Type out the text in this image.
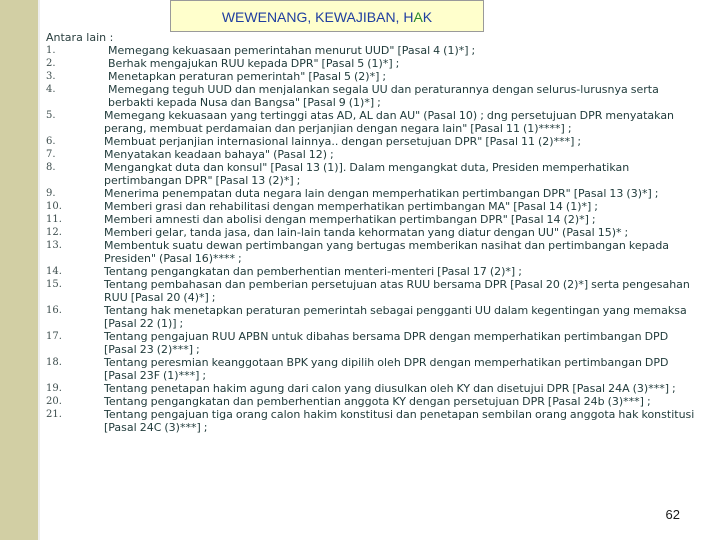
WEWENANG, KEWAJIBAN, HAK
Antara lain :
1.	Memegang kekuasaan pemerintahan menurut UUD" [Pasal 4 (1)*] ;
2.	Berhak mengajukan RUU kepada DPR" [Pasal 5 (1)*] ;
3.	Menetapkan peraturan pemerintah" [Pasal 5 (2)*] ;
4.	Memegang teguh UUD dan menjalankan segala UU dan peraturannya dengan selurus-lurusnya serta berbakti kepada Nusa dan Bangsa" [Pasal 9 (1)*] ;
5.	Memegang kekuasaan yang tertinggi atas AD, AL dan AU" (Pasal 10) ; dng persetujuan DPR menyatakan perang, membuat perdamaian dan perjanjian dengan negara lain" [Pasal 11 (1)****] ;
6.	Membuat perjanjian internasional lainnya.. dengan persetujuan DPR" [Pasal 11 (2)***] ;
7.	Menyatakan keadaan bahaya" (Pasal 12) ;
8.	Mengangkat duta dan konsul" [Pasal 13 (1)]. Dalam mengangkat duta, Presiden memperhatikan pertimbangan DPR" [Pasal 13 (2)*] ;
9.	Menerima penempatan duta negara lain dengan memperhatikan pertimbangan DPR" [Pasal 13 (3)*] ;
10.	Memberi grasi dan rehabilitasi dengan memperhatikan pertimbangan MA" [Pasal 14 (1)*] ;
11.	Memberi amnesti dan abolisi dengan memperhatikan pertimbangan DPR" [Pasal 14 (2)*] ;
12.	Memberi gelar, tanda jasa, dan lain-lain tanda kehormatan yang diatur dengan UU" (Pasal 15)* ;
13.	Membentuk suatu dewan pertimbangan yang bertugas memberikan nasihat dan pertimbangan kepada Presiden" (Pasal 16)**** ;
14.	Tentang pengangkatan dan pemberhentian menteri-menteri [Pasal 17 (2)*] ;
15.	Tentang pembahasan dan pemberian persetujuan atas RUU bersama DPR [Pasal 20 (2)*] serta pengesahan RUU [Pasal 20 (4)*] ;
16.	Tentang hak menetapkan peraturan pemerintah sebagai pengganti UU dalam kegentingan yang memaksa [Pasal 22 (1)] ;
17.	Tentang pengajuan RUU APBN untuk dibahas bersama DPR dengan memperhatikan pertimbangan DPD [Pasal 23 (2)***] ;
18.	Tentang peresmian keanggotaan BPK yang dipilih oleh DPR dengan memperhatikan pertimbangan DPD [Pasal 23F (1)***] ;
19.	Tentang penetapan hakim agung dari calon yang diusulkan oleh KY dan disetujui DPR [Pasal 24A (3)***] ;
20.	Tentang pengangkatan dan pemberhentian anggota KY dengan persetujuan DPR [Pasal 24b (3)***] ;
21.	Tentang pengajuan tiga orang calon hakim konstitusi dan penetapan sembilan orang anggota hak konstitusi [Pasal 24C (3)***] ;
62
